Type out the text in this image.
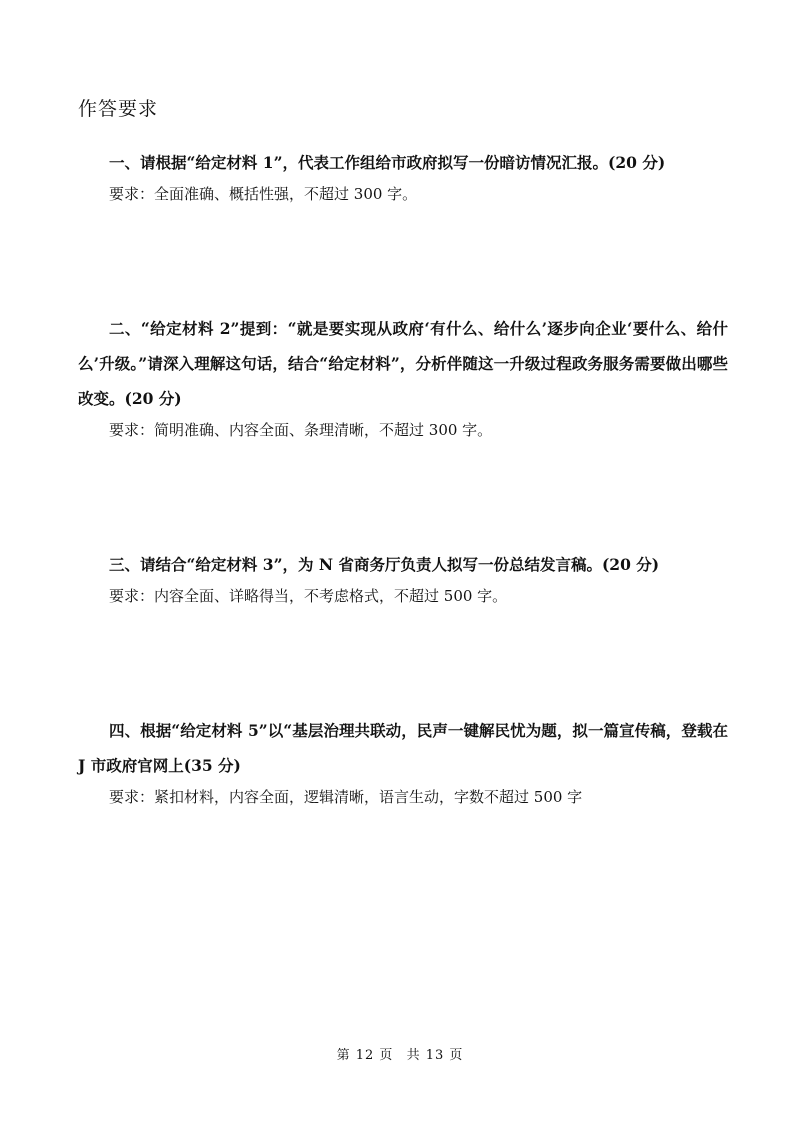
作答要求

一、请根据“给定材料 1”，代表工作组给市政府拟写一份暗访情况汇报。(20 分)

要求：全面准确、概括性强，不超过 300 字。

二、“给定材料 2”提到：“就是要实现从政府‘有什么、给什么’逐步向企业‘要什么、给什么’升级。”请深入理解这句话，结合“给定材料”，分析伴随这一升级过程政务服务需要做出哪些改变。(20 分)

要求：简明准确、内容全面、条理清晰，不超过 300 字。

三、请结合“给定材料 3”，为 N 省商务厅负责人拟写一份总结发言稿。(20 分)

要求：内容全面、详略得当，不考虑格式，不超过 500 字。

四、根据“给定材料 5”以“基层治理共联动，民声一键解民忧为题，拟一篇宣传稿，登载在 J 市政府官网上(35 分)

要求：紧扣材料，内容全面，逻辑清晰，语言生动，字数不超过 500 字

第 12 页 共 13 页
